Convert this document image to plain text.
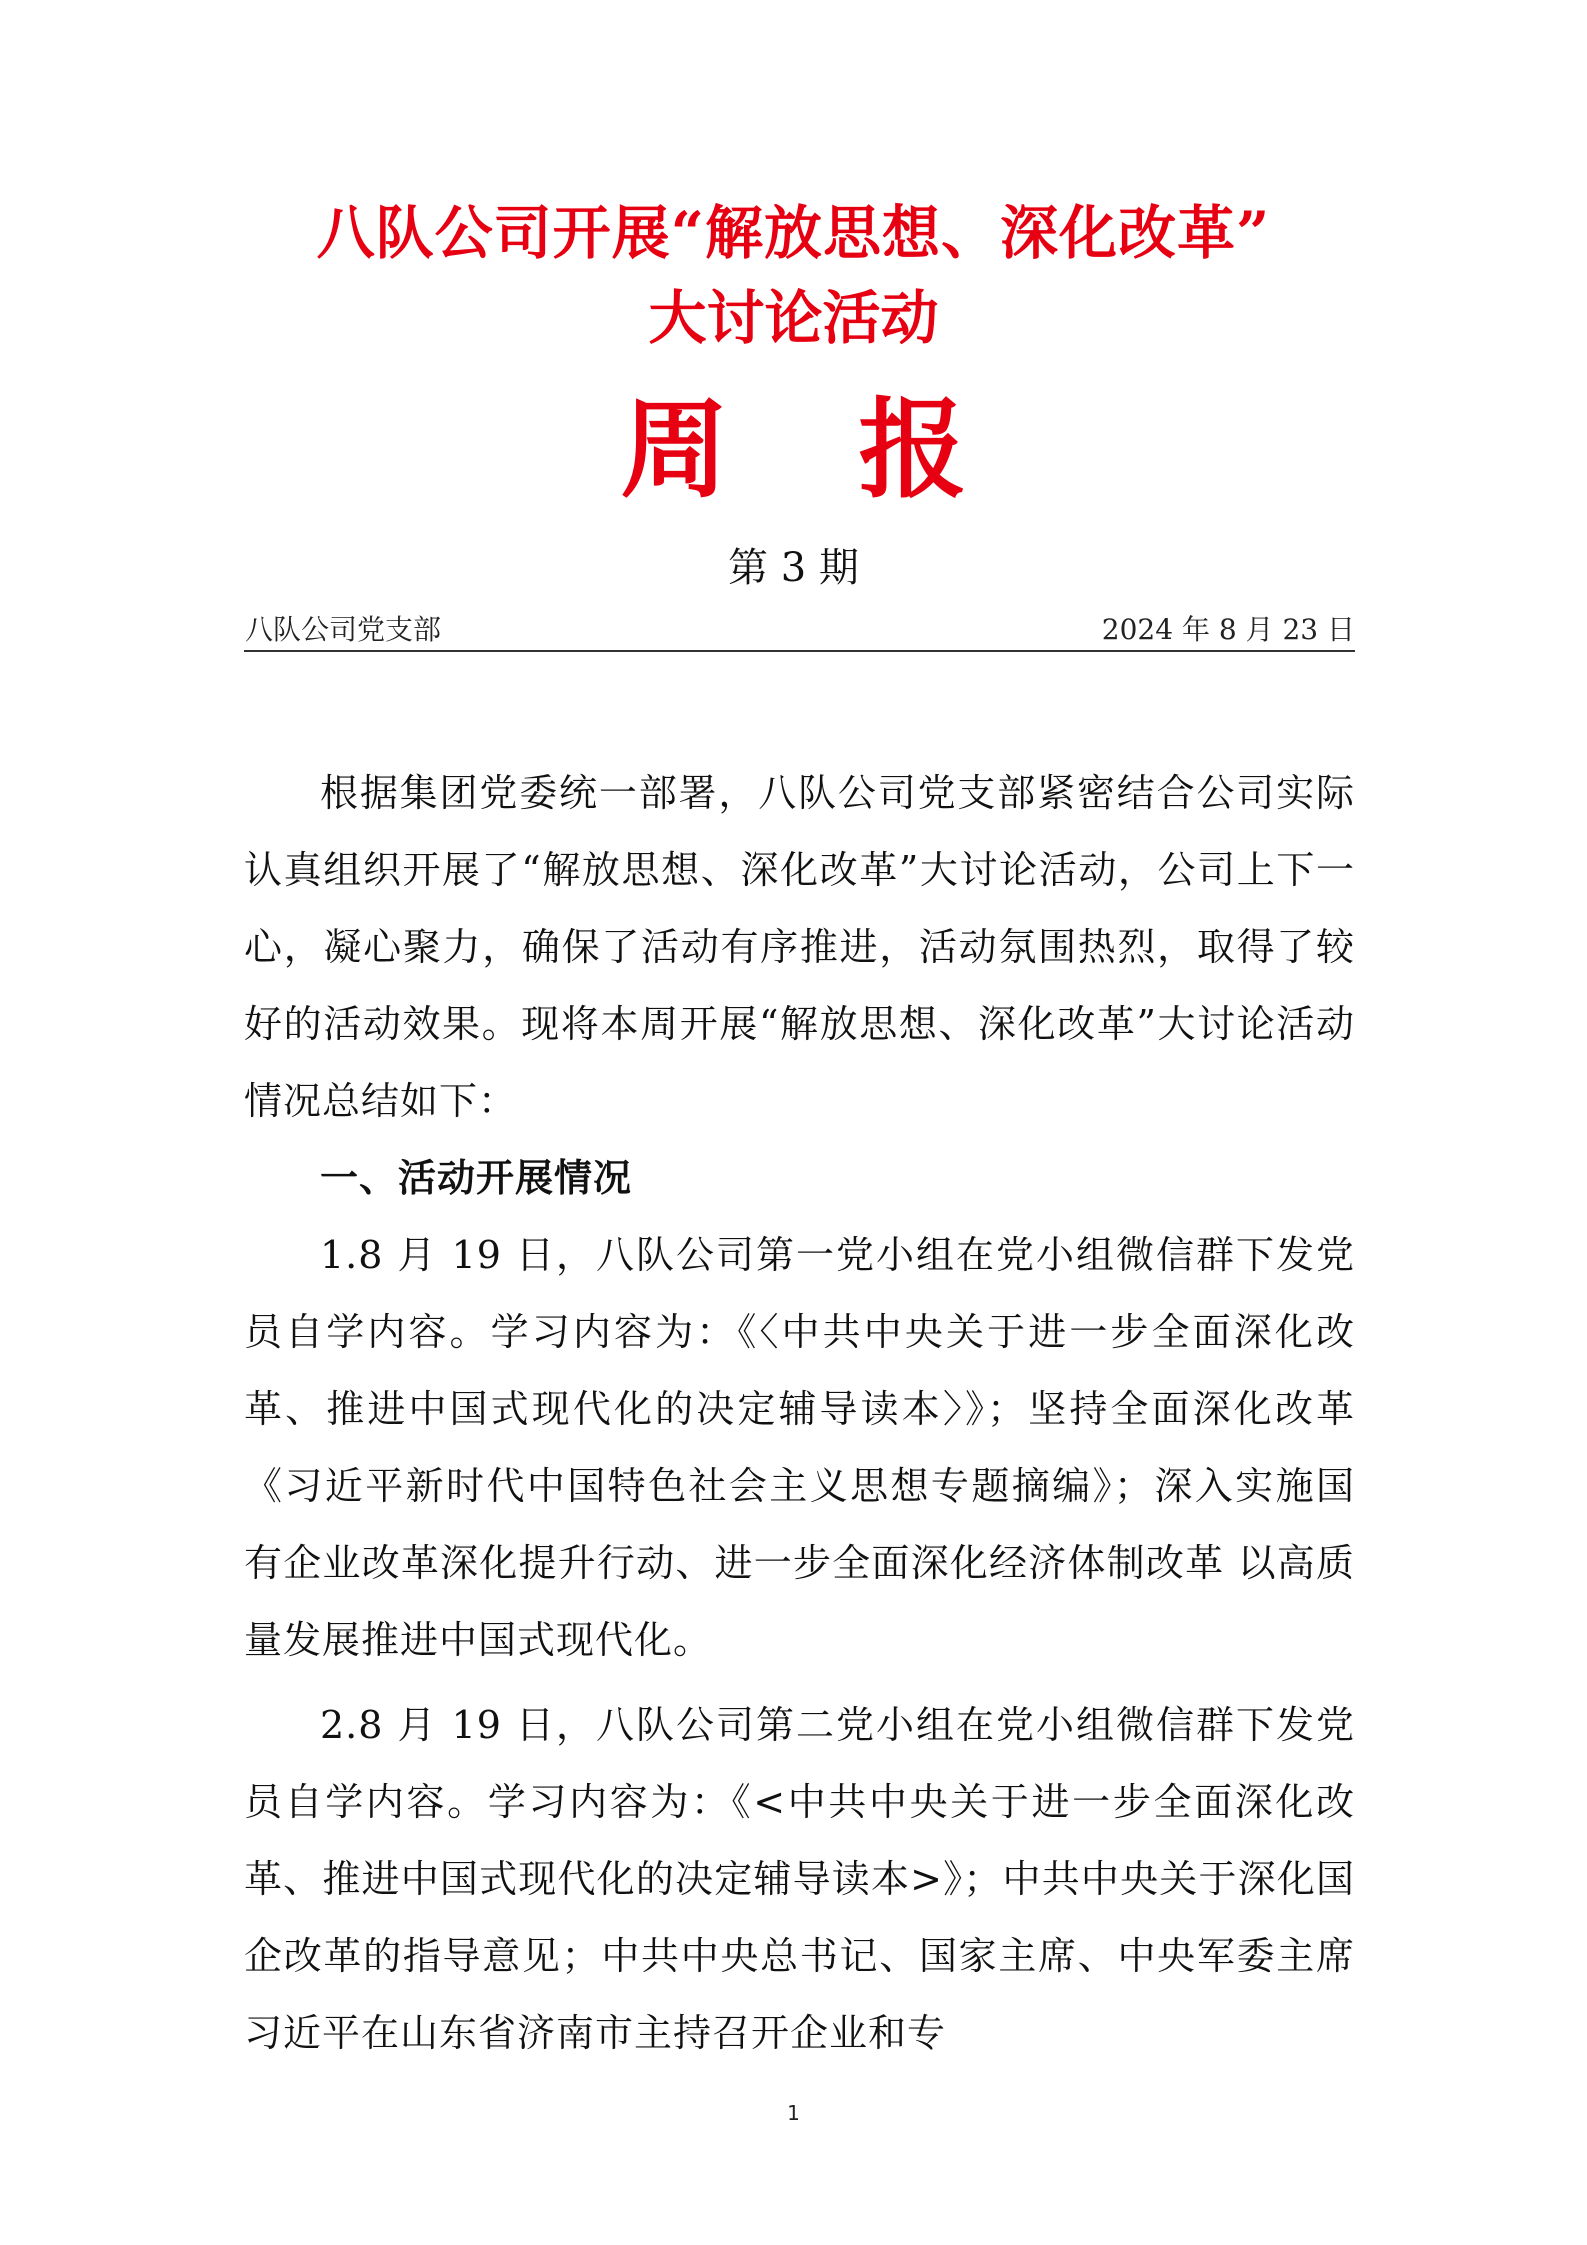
八队公司开展“解放思想、深化改革”
大讨论活动
周报
第 3 期
八队公司党支部	2024 年 8 月 23 日

根据集团党委统一部署，八队公司党支部紧密结合公司实际认真组织开展了“解放思想、深化改革”大讨论活动，公司上下一心，凝心聚力，确保了活动有序推进，活动氛围热烈，取得了较好的活动效果。现将本周开展“解放思想、深化改革”大讨论活动情况总结如下：

一、活动开展情况

1.8 月 19 日，八队公司第一党小组在党小组微信群下发党员自学内容。学习内容为：《〈中共中央关于进一步全面深化改革、推进中国式现代化的决定辅导读本〉》；坚持全面深化改革《习近平新时代中国特色社会主义思想专题摘编》；深入实施国有企业改革深化提升行动、进一步全面深化经济体制改革 以高质量发展推进中国式现代化。

2.8 月 19 日，八队公司第二党小组在党小组微信群下发党员自学内容。学习内容为：《<中共中央关于进一步全面深化改革、推进中国式现代化的决定辅导读本>》；中共中央关于深化国企改革的指导意见；中共中央总书记、国家主席、中央军委主席习近平在山东省济南市主持召开企业和专

1
